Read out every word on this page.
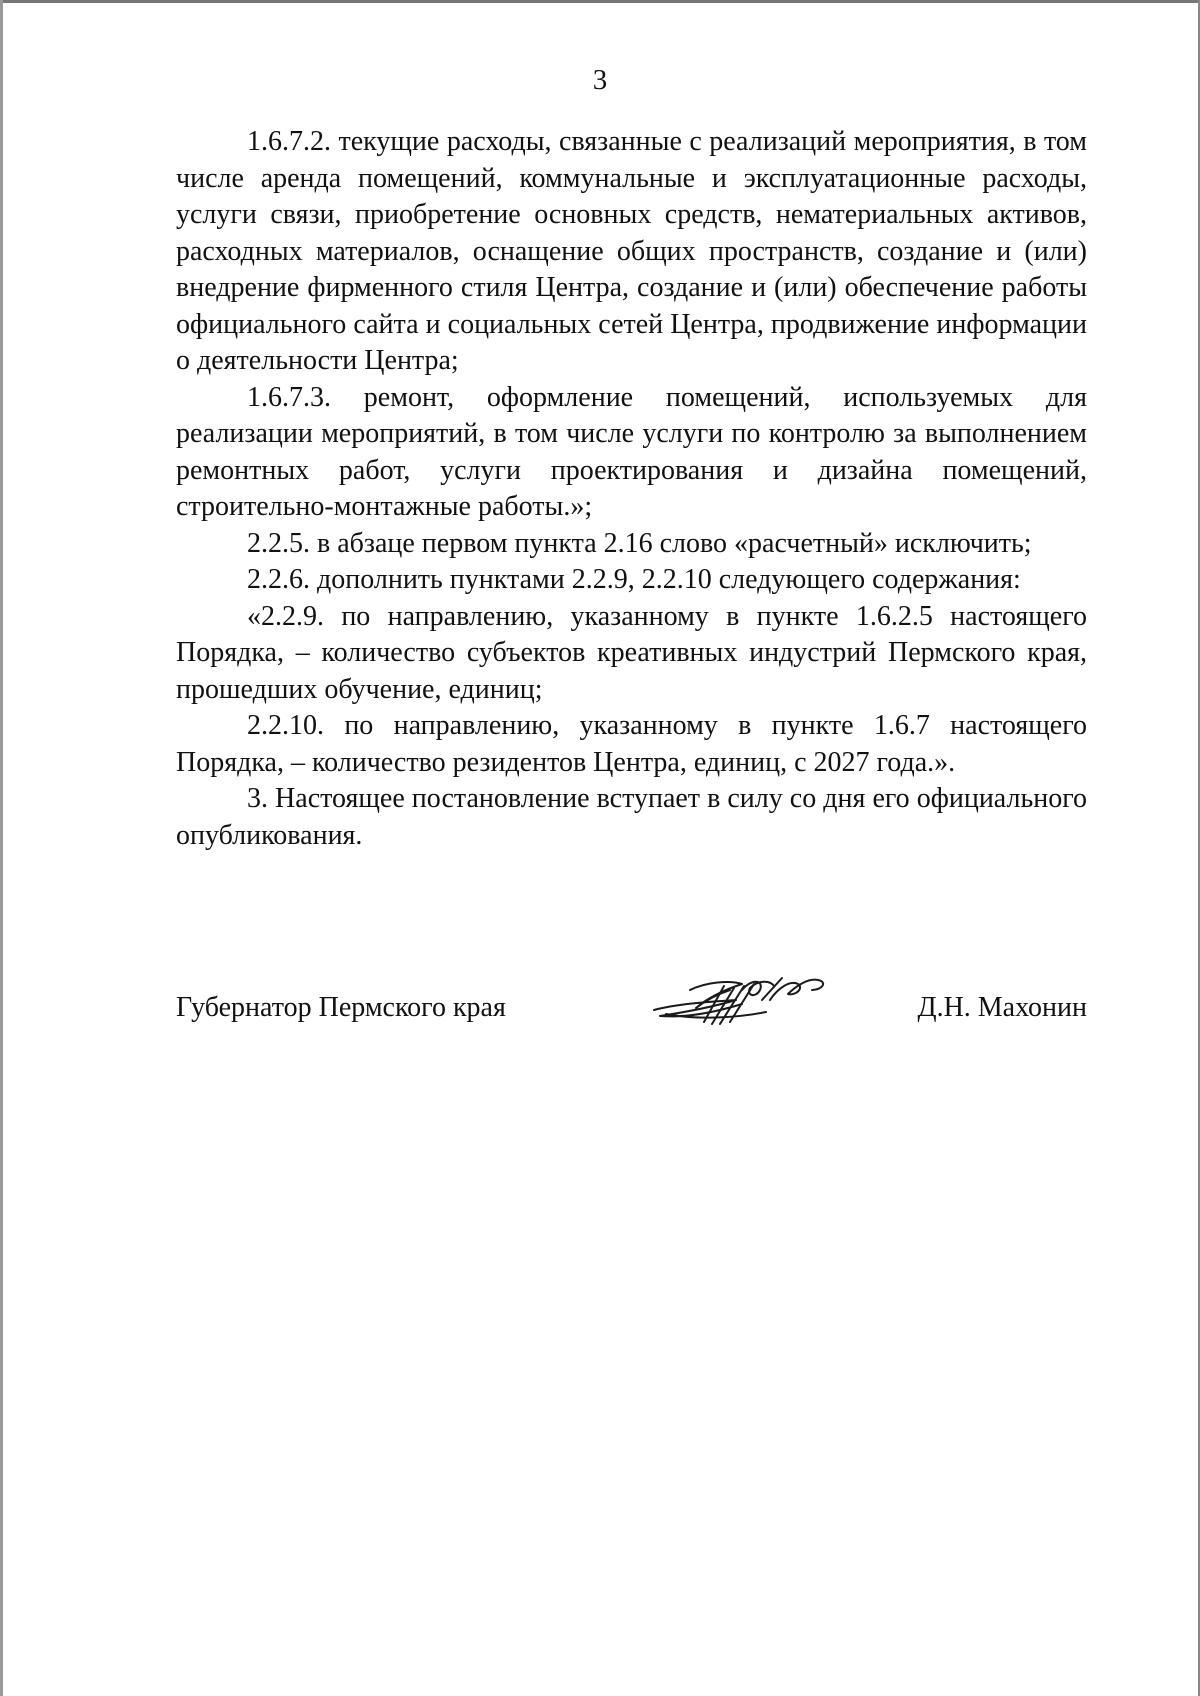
3

1.6.7.2. текущие расходы, связанные с реализаций мероприятия, в том числе аренда помещений, коммунальные и эксплуатационные расходы, услуги связи, приобретение основных средств, нематериальных активов, расходных материалов, оснащение общих пространств, создание и (или) внедрение фирменного стиля Центра, создание и (или) обеспечение работы официального сайта и социальных сетей Центра, продвижение информации о деятельности Центра;

1.6.7.3. ремонт, оформление помещений, используемых для реализации мероприятий, в том числе услуги по контролю за выполнением ремонтных работ, услуги проектирования и дизайна помещений, строительно-монтажные работы.»;

2.2.5. в абзаце первом пункта 2.16 слово «расчетный» исключить;

2.2.6. дополнить пунктами 2.2.9, 2.2.10 следующего содержания:

«2.2.9. по направлению, указанному в пункте 1.6.2.5 настоящего Порядка, – количество субъектов креативных индустрий Пермского края, прошедших обучение, единиц;

2.2.10. по направлению, указанному в пункте 1.6.7 настоящего Порядка, – количество резидентов Центра, единиц, с 2027 года.».

3. Настоящее постановление вступает в силу со дня его официального опубликования.

Губернатор Пермского края	Д.Н. Махонин
